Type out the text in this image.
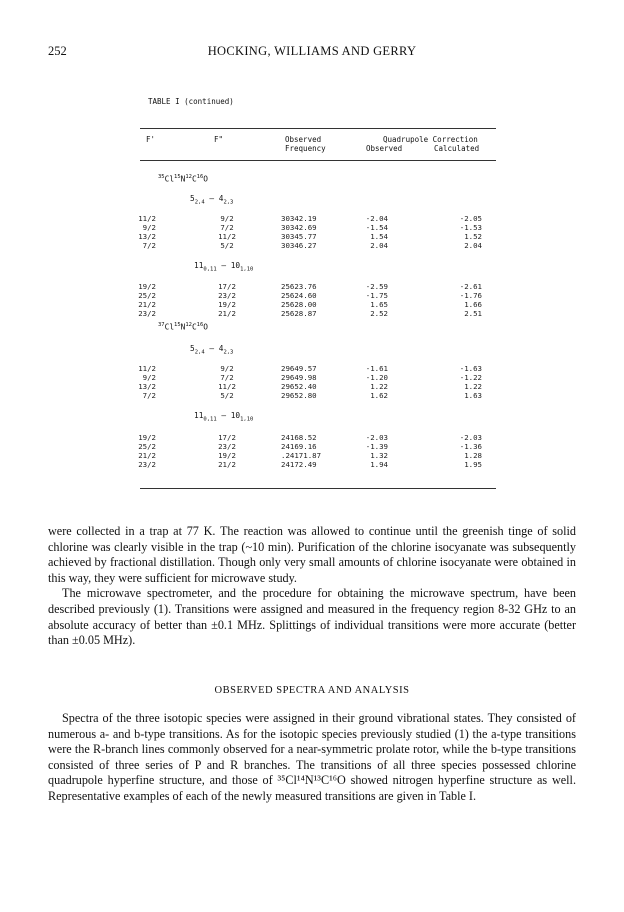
252	HOCKING, WILLIAMS AND GERRY
TABLE I (continued)
F'	F"	Observed
Frequency
Quadrupole Correction
Observed	Calculated
$^{35}Cl^{15}N^{12}C^{16}O$
$5_{2,4}$ — $4_{2,3}$
11/2	9/2	30342.19	-2.04	-2.05
9/2	7/2	30342.69	-1.54	-1.53
13/2	11/2	30345.77	1.54	1.52
7/2	5/2	30346.27	2.04	2.04
$11_{0,11}$ — $10_{1,10}$
19/2	17/2	25623.76	-2.59	-2.61
25/2	23/2	25624.60	-1.75	-1.76
21/2	19/2	25628.00	1.65	1.66
23/2	21/2	25628.87	2.52	2.51
$^{37}Cl^{15}N^{12}C^{16}O$
$5_{2,4}$ — $4_{2,3}$
11/2	9/2	29649.57	-1.61	-1.63
9/2	7/2	29649.98	-1.20	-1.22
13/2	11/2	29652.40	1.22	1.22
7/2	5/2	29652.80	1.62	1.63
$11_{0,11}$ — $10_{1,10}$
19/2	17/2	24168.52	-2.03	-2.03
25/2	23/2	24169.16	-1.39	-1.36
21/2	19/2	.24171.87	1.32	1.28
23/2	21/2	24172.49	1.94	1.95

were collected in a trap at 77 K. The reaction was allowed to continue until the greenish tinge of solid chlorine was clearly visible in the trap (~10 min). Purification of the chlorine isocyanate was subsequently achieved by fractional distillation. Though only very small amounts of chlorine isocyanate were obtained in this way, they were sufficient for microwave study.

The microwave spectrometer, and the procedure for obtaining the microwave spectrum, have been described previously (1). Transitions were assigned and measured in the frequency region 8-32 GHz to an absolute accuracy of better than ±0.1 MHz. Splittings of individual transitions were more accurate (better than ±0.05 MHz).

OBSERVED SPECTRA AND ANALYSIS

Spectra of the three isotopic species were assigned in their ground vibrational states. They consisted of numerous a- and b-type transitions. As for the isotopic species previously studied (1) the a-type transitions were the R-branch lines commonly observed for a near-symmetric prolate rotor, while the b-type transitions consisted of three series of P and R branches. The transitions of all three species possessed chlorine quadrupole hyperfine structure, and those of ³⁵Cl¹⁴N¹³C¹⁶O showed nitrogen hyperfine structure as well. Representative examples of each of the newly measured transitions are given in Table I.
